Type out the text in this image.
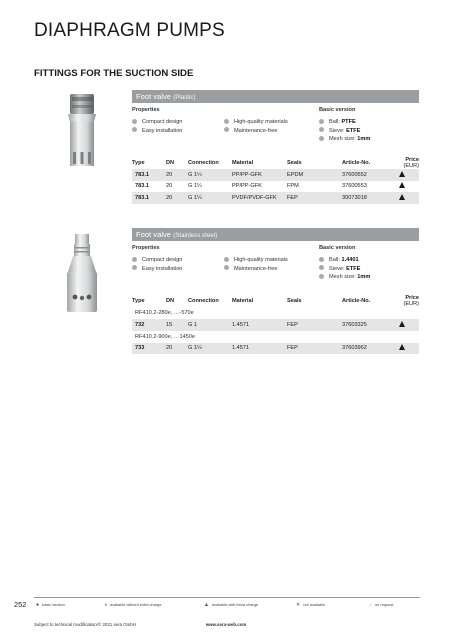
DIAPHRAGM PUMPS
FITTINGS FOR THE SUCTION SIDE
Foot valve (Plastic)
Properties	Basic version
Compact design
Easy installation
High-quality materials
Maintenance-free
Ball: PTFE
Sieve: ETFE
Mesh size: 1mm
Type	DN	Connection	Material	Seals	Article-No.	Price (EUR)
783.1	20	G 1¼	PP/PP-GFK	EPDM	37600552	
783.1	20	G 1¼	PP/PP-GFK	FPM	37600553	
783.1	20	G 1¼	PVDF/PVDF-GFK	FEP	30073018	
Foot valve (Stainless steel)
Properties	Basic version
Compact design
Easy installation
High-quality materials
Maintenance-free
Ball: 1.4401
Sieve: ETFE
Mesh size: 1mm
Type	DN	Connection	Material	Seals	Article-No.	Price (EUR)
RF410.2-280e, …-570e						
732	15	G 1	1.4571	FEP	37603325	
RF410.2-900e, …1450e						
733	20	G 1¼	1.4571	FEP	37603962	
252 ● basic version	◑ available without extra charge	▲ available with extra charge	✕ not available	◌ on request
Subject to technical modification!	www.sera-web.com
© 2021 sera GmbH
